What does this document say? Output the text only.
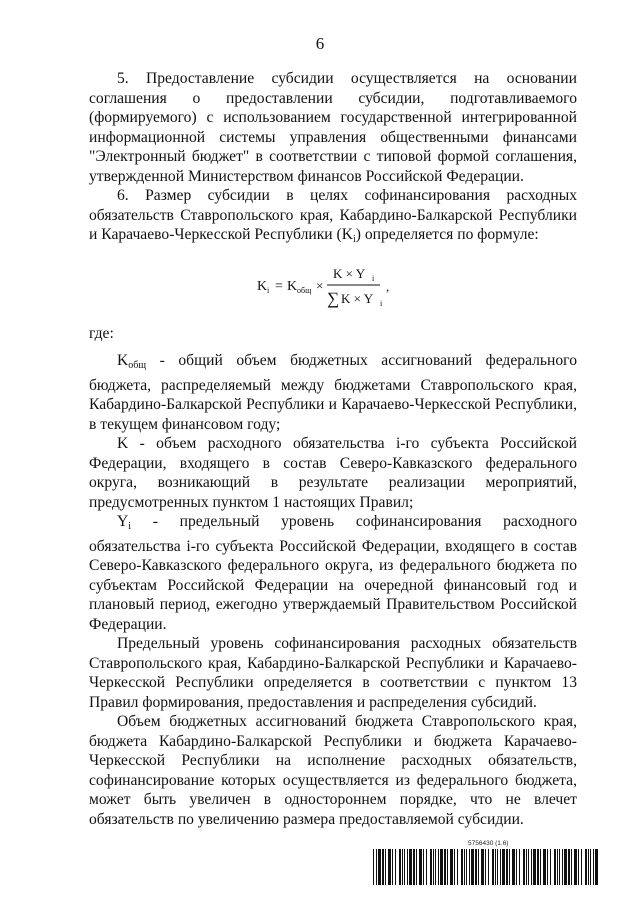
6

5. Предоставление субсидии осуществляется на основании соглашения о предоставлении субсидии, подготавливаемого (формируемого) с использованием государственной интегрированной информационной системы управления общественными финансами "Электронный бюджет" в соответствии с типовой формой соглашения, утвержденной Министерством финансов Российской Федерации.

6. Размер субсидии в целях софинансирования расходных обязательств Ставропольского края, Кабардино-Балкарской Республики и Карачаево-Черкесской Республики $(K_i)$ определяется по формуле:

K i = K общ ×
K × Y i
∑ K × Y i
,

где:

$K_{общ}$ - общий объем бюджетных ассигнований федерального бюджета, распределяемый между бюджетами Ставропольского края, Кабардино-Балкарской Республики и Карачаево-Черкесской Республики, в текущем финансовом году;

K - объем расходного обязательства i-го субъекта Российской Федерации, входящего в состав Северо-Кавказского федерального округа, возникающий в результате реализации мероприятий, предусмотренных пунктом 1 настоящих Правил;

$Y_i$ - предельный уровень софинансирования расходного обязательства i-го субъекта Российской Федерации, входящего в состав Северо-Кавказского федерального округа, из федерального бюджета по субъектам Российской Федерации на очередной финансовый год и плановый период, ежегодно утверждаемый Правительством Российской Федерации.

Предельный уровень софинансирования расходных обязательств Ставропольского края, Кабардино-Балкарской Республики и Карачаево-Черкесской Республики определяется в соответствии с пунктом 13 Правил формирования, предоставления и распределения субсидий.

Объем бюджетных ассигнований бюджета Ставропольского края, бюджета Кабардино-Балкарской Республики и бюджета Карачаево-Черкесской Республики на исполнение расходных обязательств, софинансирование которых осуществляется из федерального бюджета, может быть увеличен в одностороннем порядке, что не влечет обязательств по увеличению размера предоставляемой субсидии.

5756430 (1.6)
